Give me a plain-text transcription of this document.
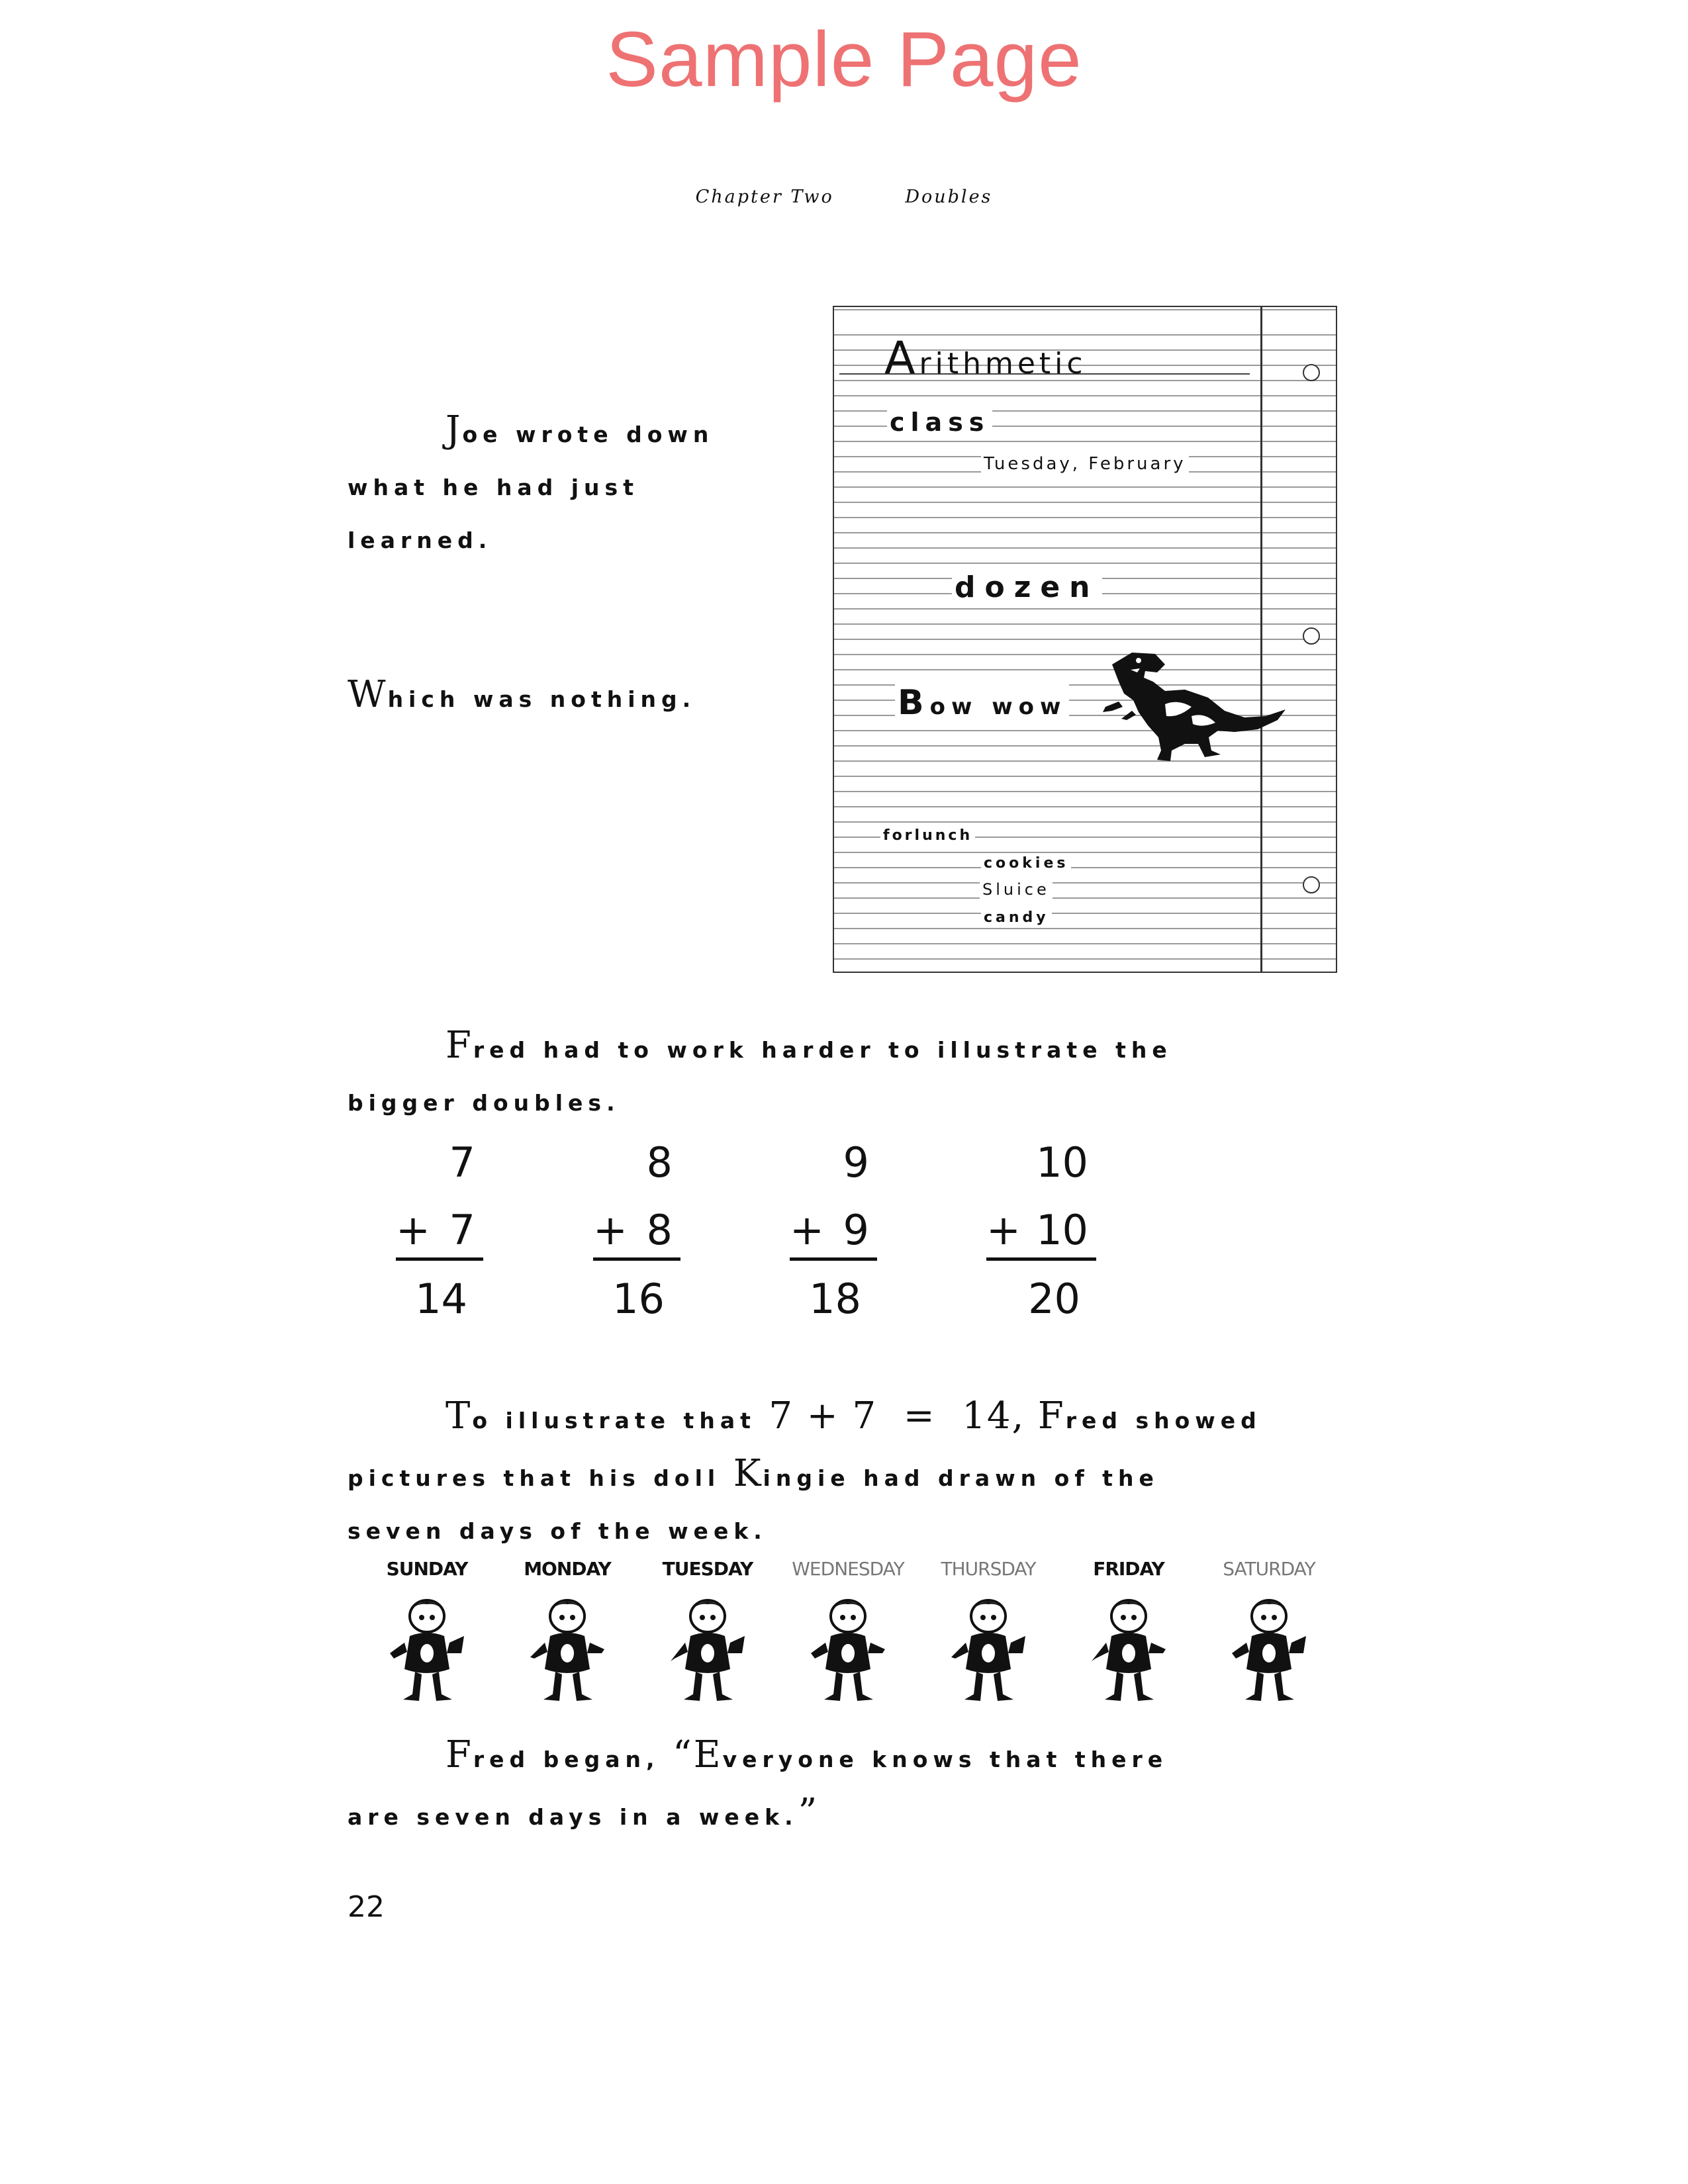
Sample Page
Chapter Two	Doubles
Joe wrote down
what he had just
learned.
Which was nothing.
Arithmetic
class
Tuesday, February
dozen
Bow wow
forlunch
cookies
Sluice
candy
Fred had to work harder to illustrate the
bigger doubles.
7
+ 7
14
8
+ 8
16
9
+ 9
18
10
+ 10
20
To illustrate that 7 + 7  =  14, Fred showed
pictures that his doll Kingie had drawn of the
seven days of the week.
SUNDAY	MONDAY	TUESDAY	WEDNESDAY	THURSDAY	FRIDAY	SATURDAY
Fred began, “Everyone knows that there
are seven days in a week.”
22
